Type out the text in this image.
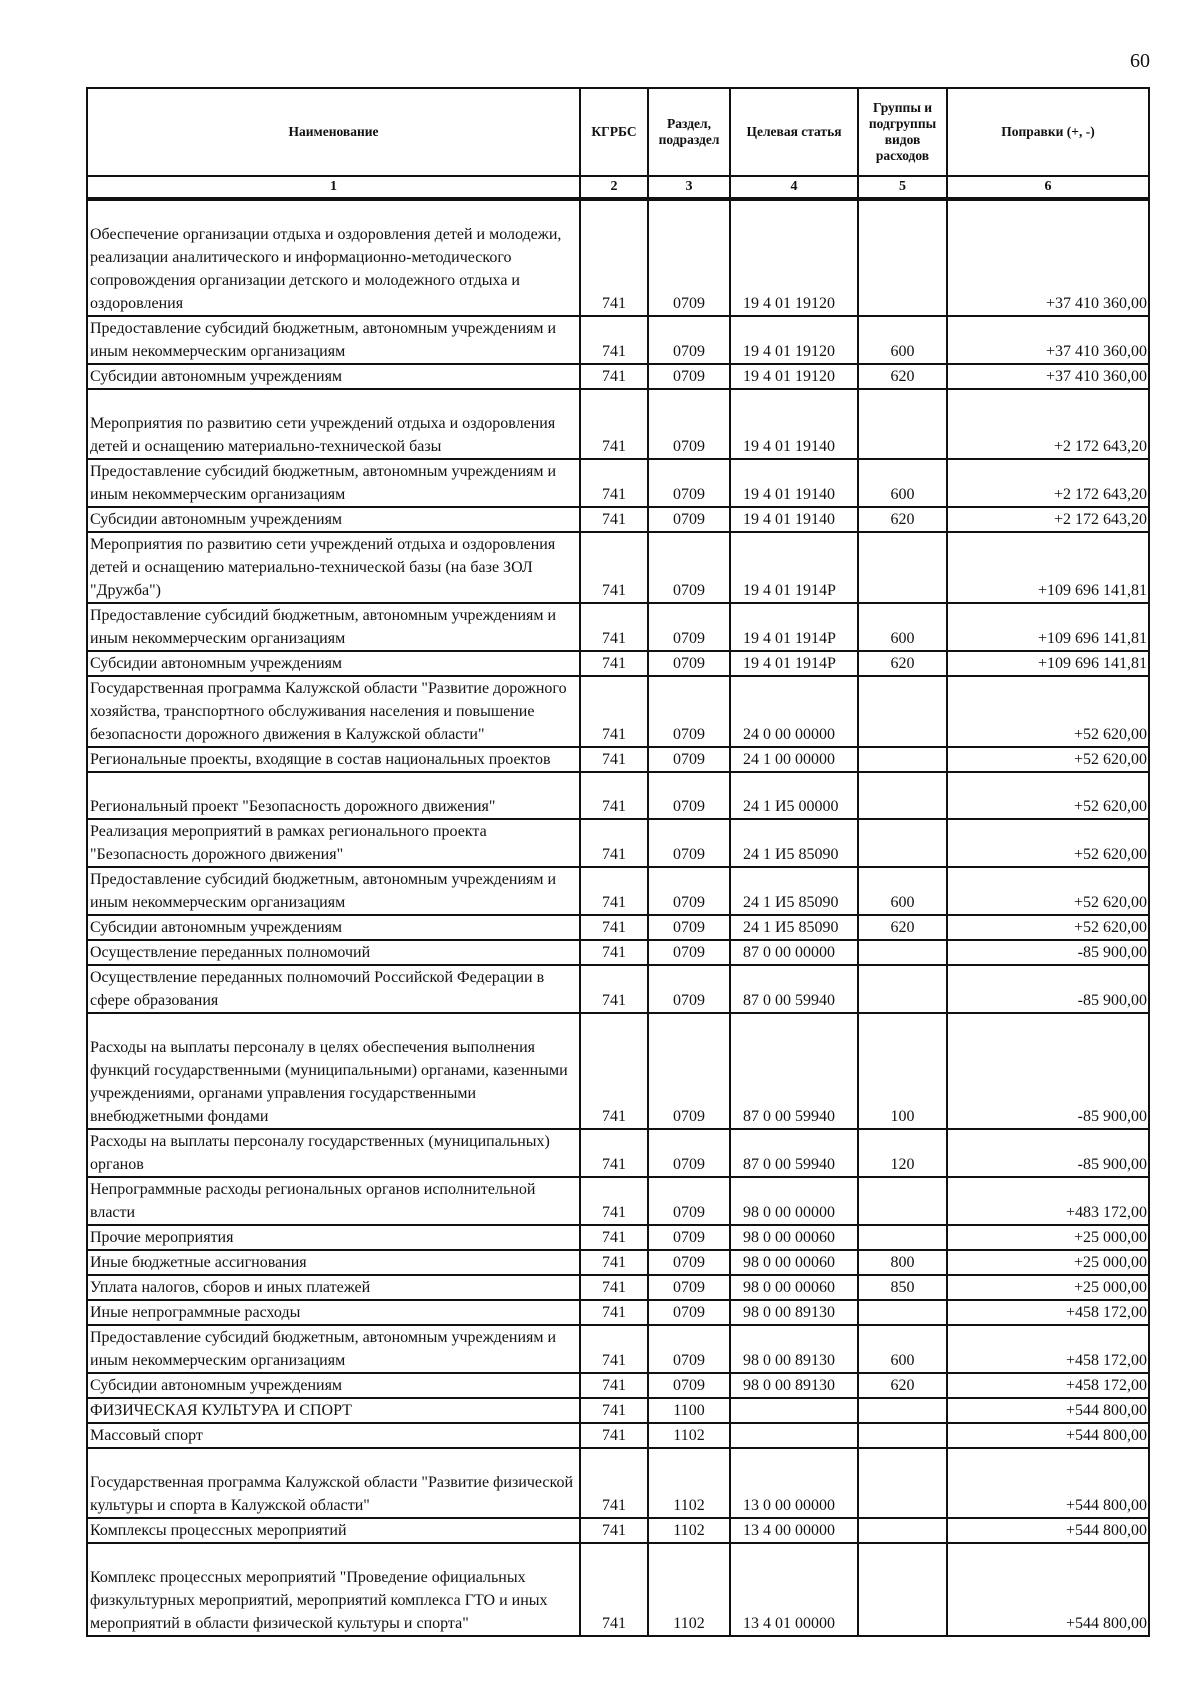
60
Наименование	КГРБС	Раздел, подраздел	Целевая статья	Группы и подгруппы видов расходов	Поправки (+, -)
1	2	3	4	5	6
Обеспечение организации отдыха и оздоровления детей и молодежи, реализации аналитического и информационно-методического сопровождения организации детского и молодежного отдыха и оздоровления	741	0709	19 4 01 19120		+37 410 360,00
Предоставление субсидий бюджетным, автономным учреждениям и иным некоммерческим организациям	741	0709	19 4 01 19120	600	+37 410 360,00
Субсидии автономным учреждениям	741	0709	19 4 01 19120	620	+37 410 360,00
Мероприятия по развитию сети учреждений отдыха и оздоровления детей и оснащению материально-технической базы	741	0709	19 4 01 19140		+2 172 643,20
Предоставление субсидий бюджетным, автономным учреждениям и иным некоммерческим организациям	741	0709	19 4 01 19140	600	+2 172 643,20
Субсидии автономным учреждениям	741	0709	19 4 01 19140	620	+2 172 643,20
Мероприятия по развитию сети учреждений отдыха и оздоровления детей и оснащению материально-технической базы (на базе ЗОЛ "Дружба")	741	0709	19 4 01 1914P		+109 696 141,81
Предоставление субсидий бюджетным, автономным учреждениям и иным некоммерческим организациям	741	0709	19 4 01 1914P	600	+109 696 141,81
Субсидии автономным учреждениям	741	0709	19 4 01 1914P	620	+109 696 141,81
Государственная программа Калужской области "Развитие дорожного хозяйства, транспортного обслуживания населения и повышение безопасности дорожного движения в Калужской области"	741	0709	24 0 00 00000		+52 620,00
Региональные проекты, входящие в состав национальных проектов	741	0709	24 1 00 00000		+52 620,00
Региональный проект "Безопасность дорожного движения"	741	0709	24 1 И5 00000		+52 620,00
Реализация мероприятий в рамках регионального проекта "Безопасность дорожного движения"	741	0709	24 1 И5 85090		+52 620,00
Предоставление субсидий бюджетным, автономным учреждениям и иным некоммерческим организациям	741	0709	24 1 И5 85090	600	+52 620,00
Субсидии автономным учреждениям	741	0709	24 1 И5 85090	620	+52 620,00
Осуществление переданных полномочий	741	0709	87 0 00 00000		-85 900,00
Осуществление переданных полномочий Российской Федерации в сфере образования	741	0709	87 0 00 59940		-85 900,00
Расходы на выплаты персоналу в целях обеспечения выполнения функций государственными (муниципальными) органами, казенными учреждениями, органами управления государственными внебюджетными фондами	741	0709	87 0 00 59940	100	-85 900,00
Расходы на выплаты персоналу государственных (муниципальных) органов	741	0709	87 0 00 59940	120	-85 900,00
Непрограммные расходы региональных органов исполнительной власти	741	0709	98 0 00 00000		+483 172,00
Прочие мероприятия	741	0709	98 0 00 00060		+25 000,00
Иные бюджетные ассигнования	741	0709	98 0 00 00060	800	+25 000,00
Уплата налогов, сборов и иных платежей	741	0709	98 0 00 00060	850	+25 000,00
Иные непрограммные расходы	741	0709	98 0 00 89130		+458 172,00
Предоставление субсидий бюджетным, автономным учреждениям и иным некоммерческим организациям	741	0709	98 0 00 89130	600	+458 172,00
Субсидии автономным учреждениям	741	0709	98 0 00 89130	620	+458 172,00
ФИЗИЧЕСКАЯ КУЛЬТУРА И СПОРТ	741	1100			+544 800,00
Массовый спорт	741	1102			+544 800,00
Государственная программа Калужской области "Развитие физической культуры и спорта в Калужской области"	741	1102	13 0 00 00000		+544 800,00
Комплексы процессных мероприятий	741	1102	13 4 00 00000		+544 800,00
Комплекс процессных мероприятий "Проведение официальных физкультурных мероприятий, мероприятий комплекса ГТО и иных мероприятий в области физической культуры и спорта"	741	1102	13 4 01 00000		+544 800,00
